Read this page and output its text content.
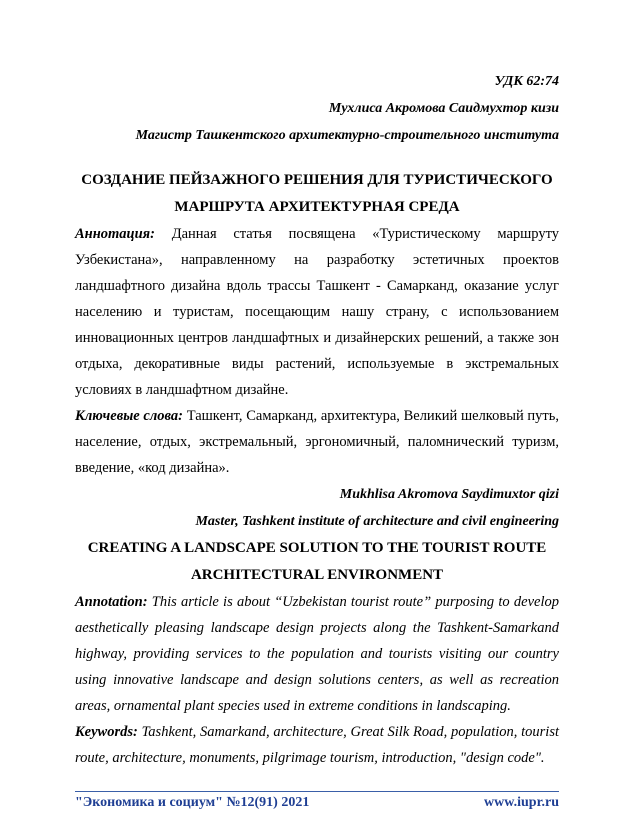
УДК 62:74
Мухлиса Акромова Саидмухтор кизи
Магистр Ташкентского архитектурно-строительного института
СОЗДАНИЕ ПЕЙЗАЖНОГО РЕШЕНИЯ ДЛЯ ТУРИСТИЧЕСКОГО
МАРШРУТА АРХИТЕКТУРНАЯ СРЕДА
Аннотация: Данная статья посвящена «Туристическому маршруту Узбекистана», направленному на разработку эстетичных проектов ландшафтного дизайна вдоль трассы Ташкент - Самарканд, оказание услуг населению и туристам, посещающим нашу страну, с использованием инновационных центров ландшафтных и дизайнерских решений, а также зон отдыха, декоративные виды растений, используемые в экстремальных условиях в ландшафтном дизайне.
Ключевые слова: Ташкент, Самарканд, архитектура, Великий шелковый путь, население, отдых, экстремальный, эргономичный, паломнический туризм, введение, «код дизайна».
Mukhlisa Akromova Saydimuxtor qizi
Master, Tashkent institute of architecture and civil engineering
CREATING A LANDSCAPE SOLUTION TO THE TOURIST ROUTE
ARCHITECTURAL ENVIRONMENT
Annotation: This article is about “Uzbekistan tourist route” purposing to develop aesthetically pleasing landscape design projects along the Tashkent-Samarkand highway, providing services to the population and tourists visiting our country using innovative landscape and design solutions centers, as well as recreation areas, ornamental plant species used in extreme conditions in landscaping.
Keywords: Tashkent, Samarkand, architecture, Great Silk Road, population, tourist route, architecture, monuments, pilgrimage tourism, introduction, "design code".
"Экономика и социум" №12(91) 2021	www.iupr.ru
